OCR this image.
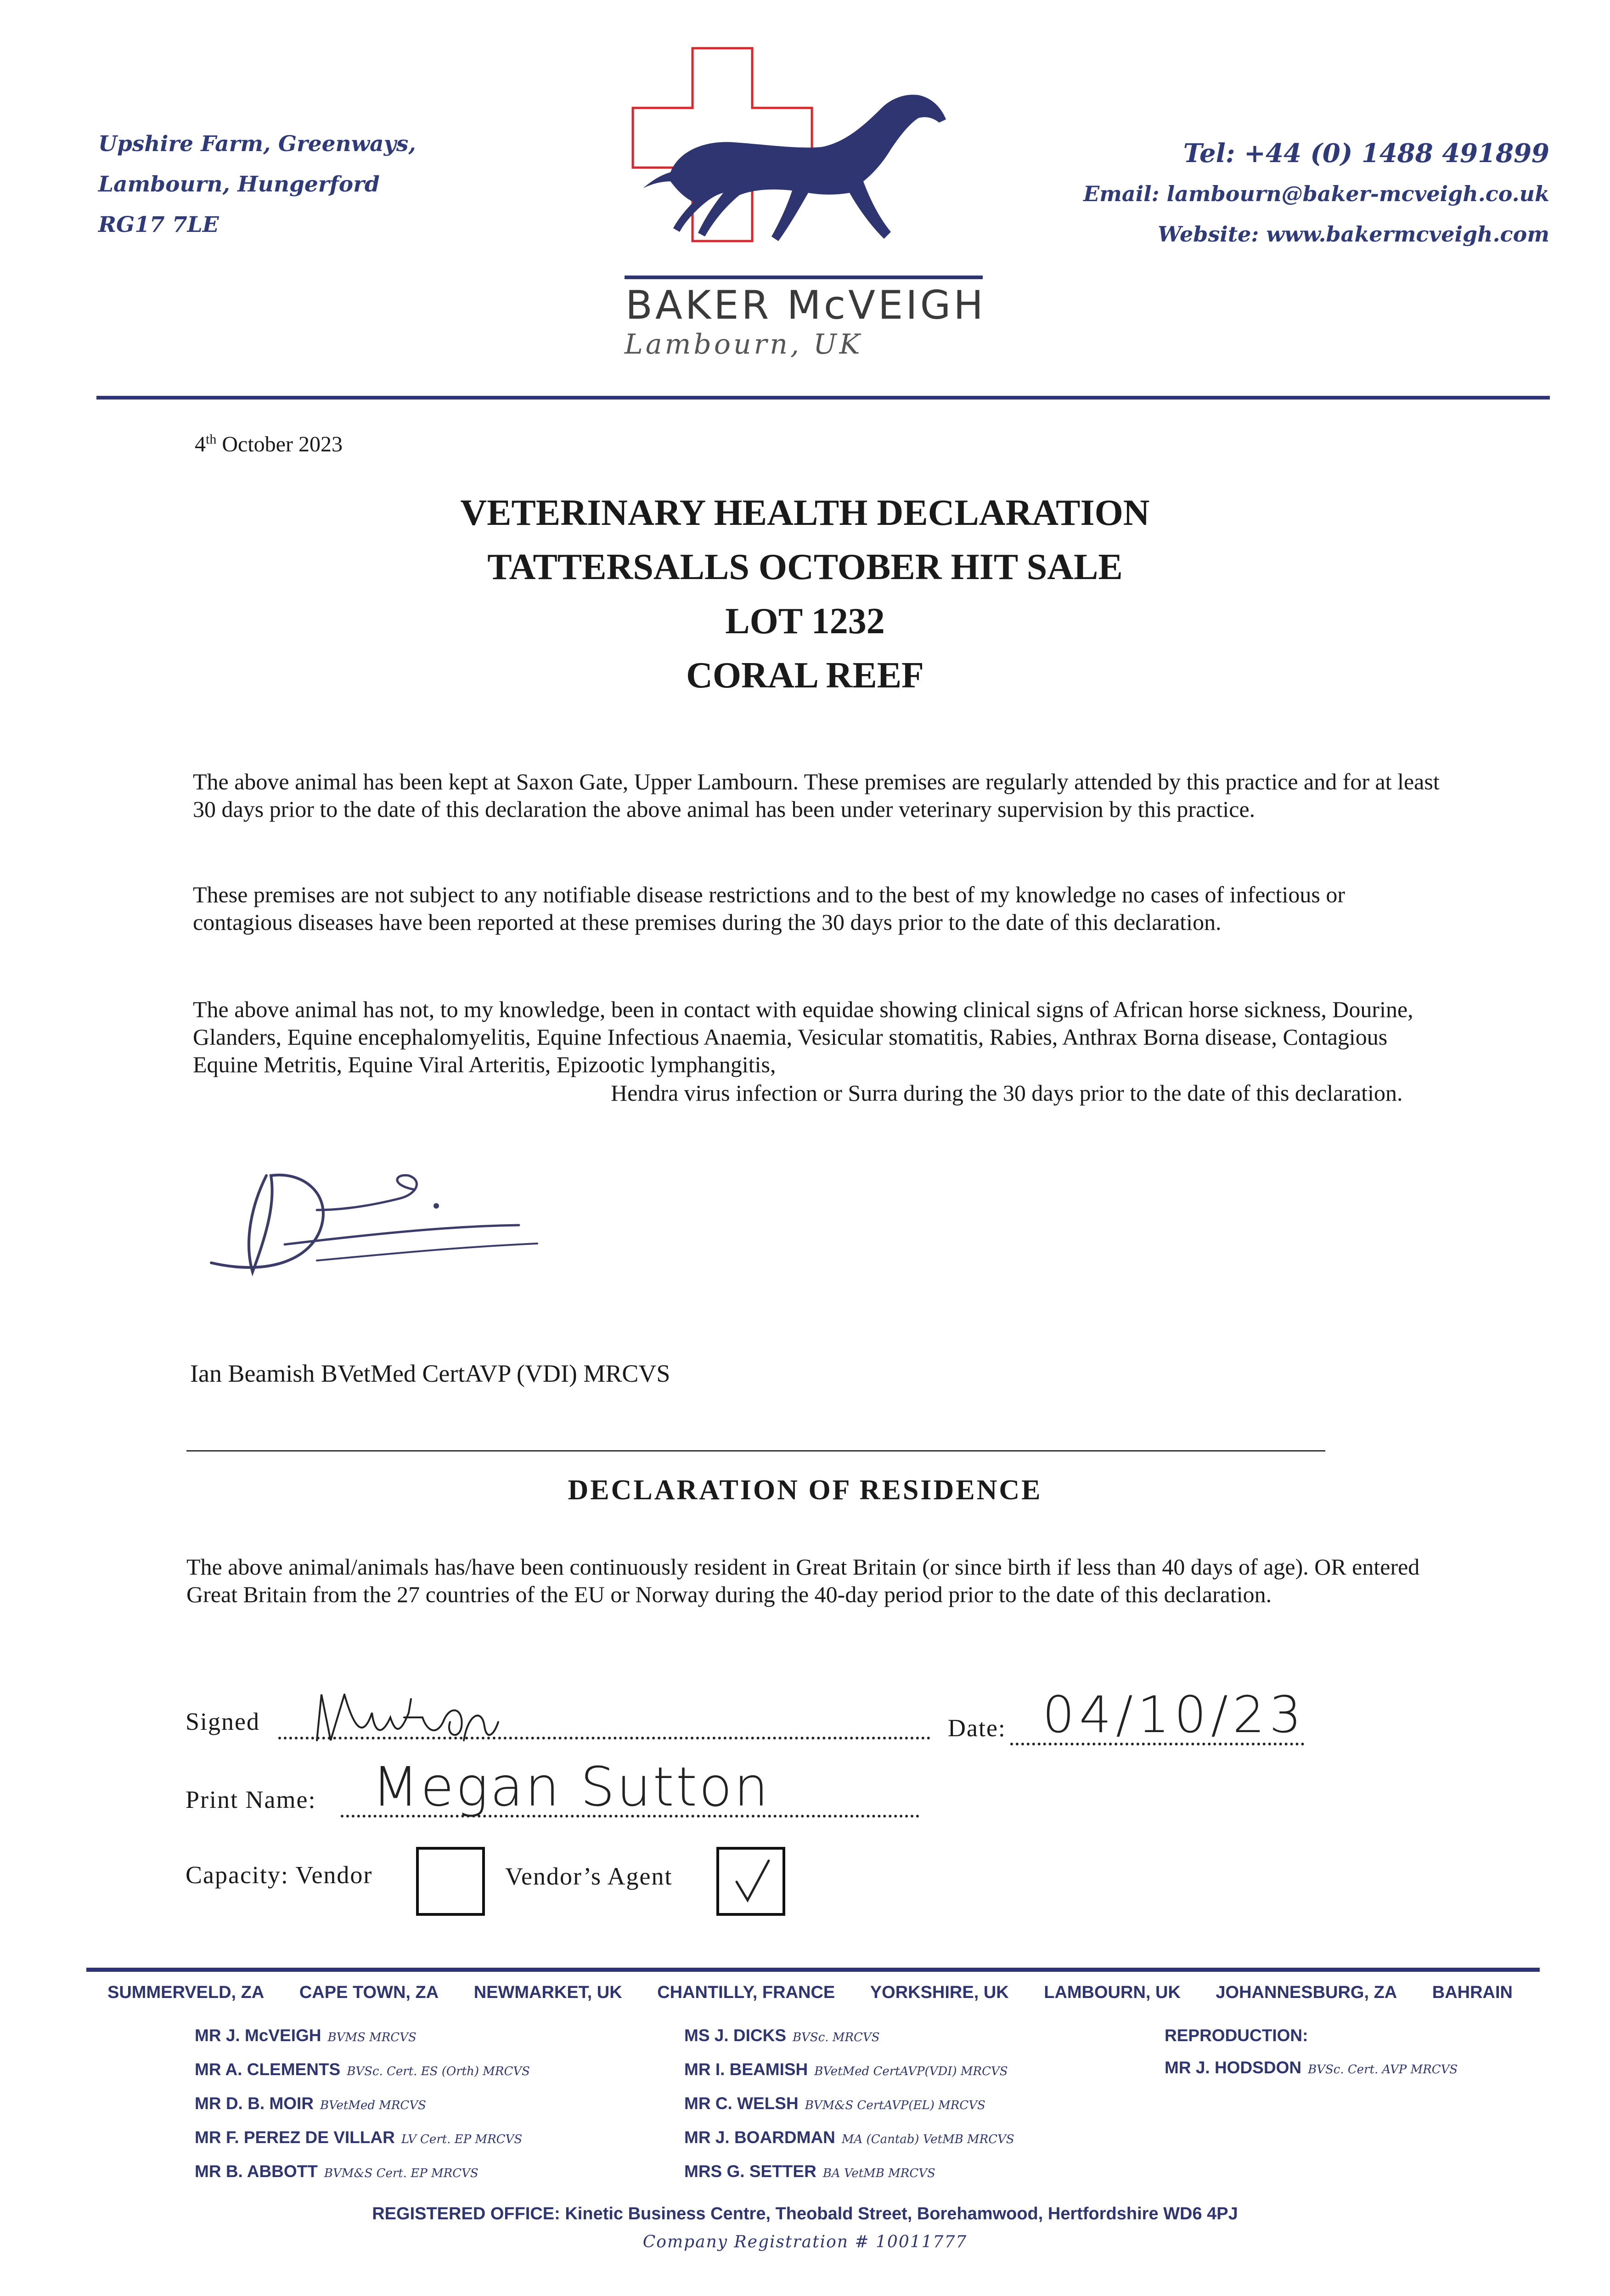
Upshire Farm, Greenways,
Lambourn, Hungerford
RG17 7LE
BAKER McVEIGH
Lambourn, UK
Tel: +44 (0) 1488 491899
Email: lambourn@baker-mcveigh.co.uk
Website: www.bakermcveigh.com
4th October 2023
VETERINARY HEALTH DECLARATION
TATTERSALLS OCTOBER HIT SALE
LOT 1232
CORAL REEF
The above animal has been kept at Saxon Gate, Upper Lambourn. These premises are regularly attended by this practice and for at least 30 days prior to the date of this declaration the above animal has been under veterinary supervision by this practice.
These premises are not subject to any notifiable disease restrictions and to the best of my knowledge no cases of infectious or contagious diseases have been reported at these premises during the 30 days prior to the date of this declaration.
The above animal has not, to my knowledge, been in contact with equidae showing clinical signs of African horse sickness, Dourine, Glanders, Equine encephalomyelitis, Equine Infectious Anaemia, Vesicular stomatitis, Rabies, Anthrax Borna disease, Contagious Equine Metritis, Equine Viral Arteritis, Epizootic lymphangitis,
Hendra virus infection or Surra during the 30 days prior to the date of this declaration.
Ian Beamish BVetMed CertAVP (VDI) MRCVS
DECLARATION OF RESIDENCE
The above animal/animals has/have been continuously resident in Great Britain (or since birth if less than 40 days of age). OR entered Great Britain from the 27 countries of the EU or Norway during the 40-day period prior to the date of this declaration.
Signed	Date: 04/10/23
Print Name: Megan Sutton
Capacity: Vendor	Vendor’s Agent
SUMMERVELD, ZA CAPE TOWN, ZA NEWMARKET, UK CHANTILLY, FRANCE YORKSHIRE, UK LAMBOURN, UK JOHANNESBURG, ZA BAHRAIN
MR J. McVEIGH BVMS MRCVS
MR A. CLEMENTS BVSc. Cert. ES (Orth) MRCVS
MR D. B. MOIR BVetMed MRCVS
MR F. PEREZ DE VILLAR LV Cert. EP MRCVS
MR B. ABBOTT BVM&S Cert. EP MRCVS
MS J. DICKS BVSc. MRCVS
MR I. BEAMISH BVetMed CertAVP(VDI) MRCVS
MR C. WELSH BVM&S CertAVP(EL) MRCVS
MR J. BOARDMAN MA (Cantab) VetMB MRCVS
MRS G. SETTER BA VetMB MRCVS
REPRODUCTION:
MR J. HODSDON BVSc. Cert. AVP MRCVS
REGISTERED OFFICE: Kinetic Business Centre, Theobald Street, Borehamwood, Hertfordshire WD6 4PJ
Company Registration # 10011777
